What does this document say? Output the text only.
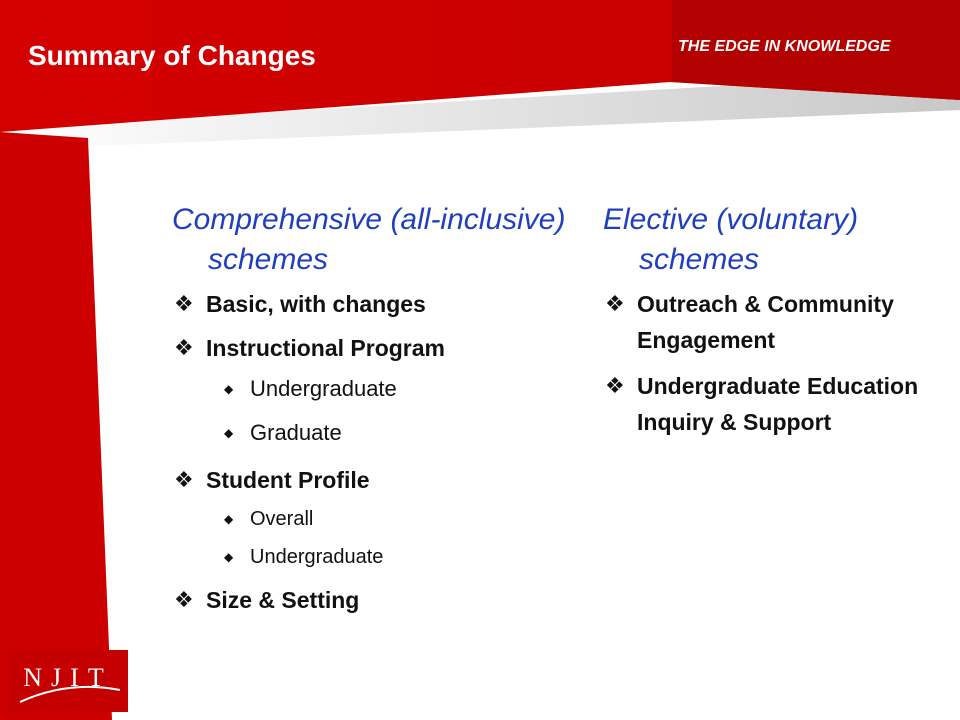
Summary of Changes	THE EDGE IN KNOWLEDGE
NJIT
Comprehensive (all-inclusive) schemes
❖ Basic, with changes
❖ Instructional Program
◆ Undergraduate
◆ Graduate
❖ Student Profile
◆ Overall
◆ Undergraduate
❖ Size & Setting
Elective (voluntary) schemes
❖ Outreach & Community Engagement
❖ Undergraduate Education Inquiry & Support
